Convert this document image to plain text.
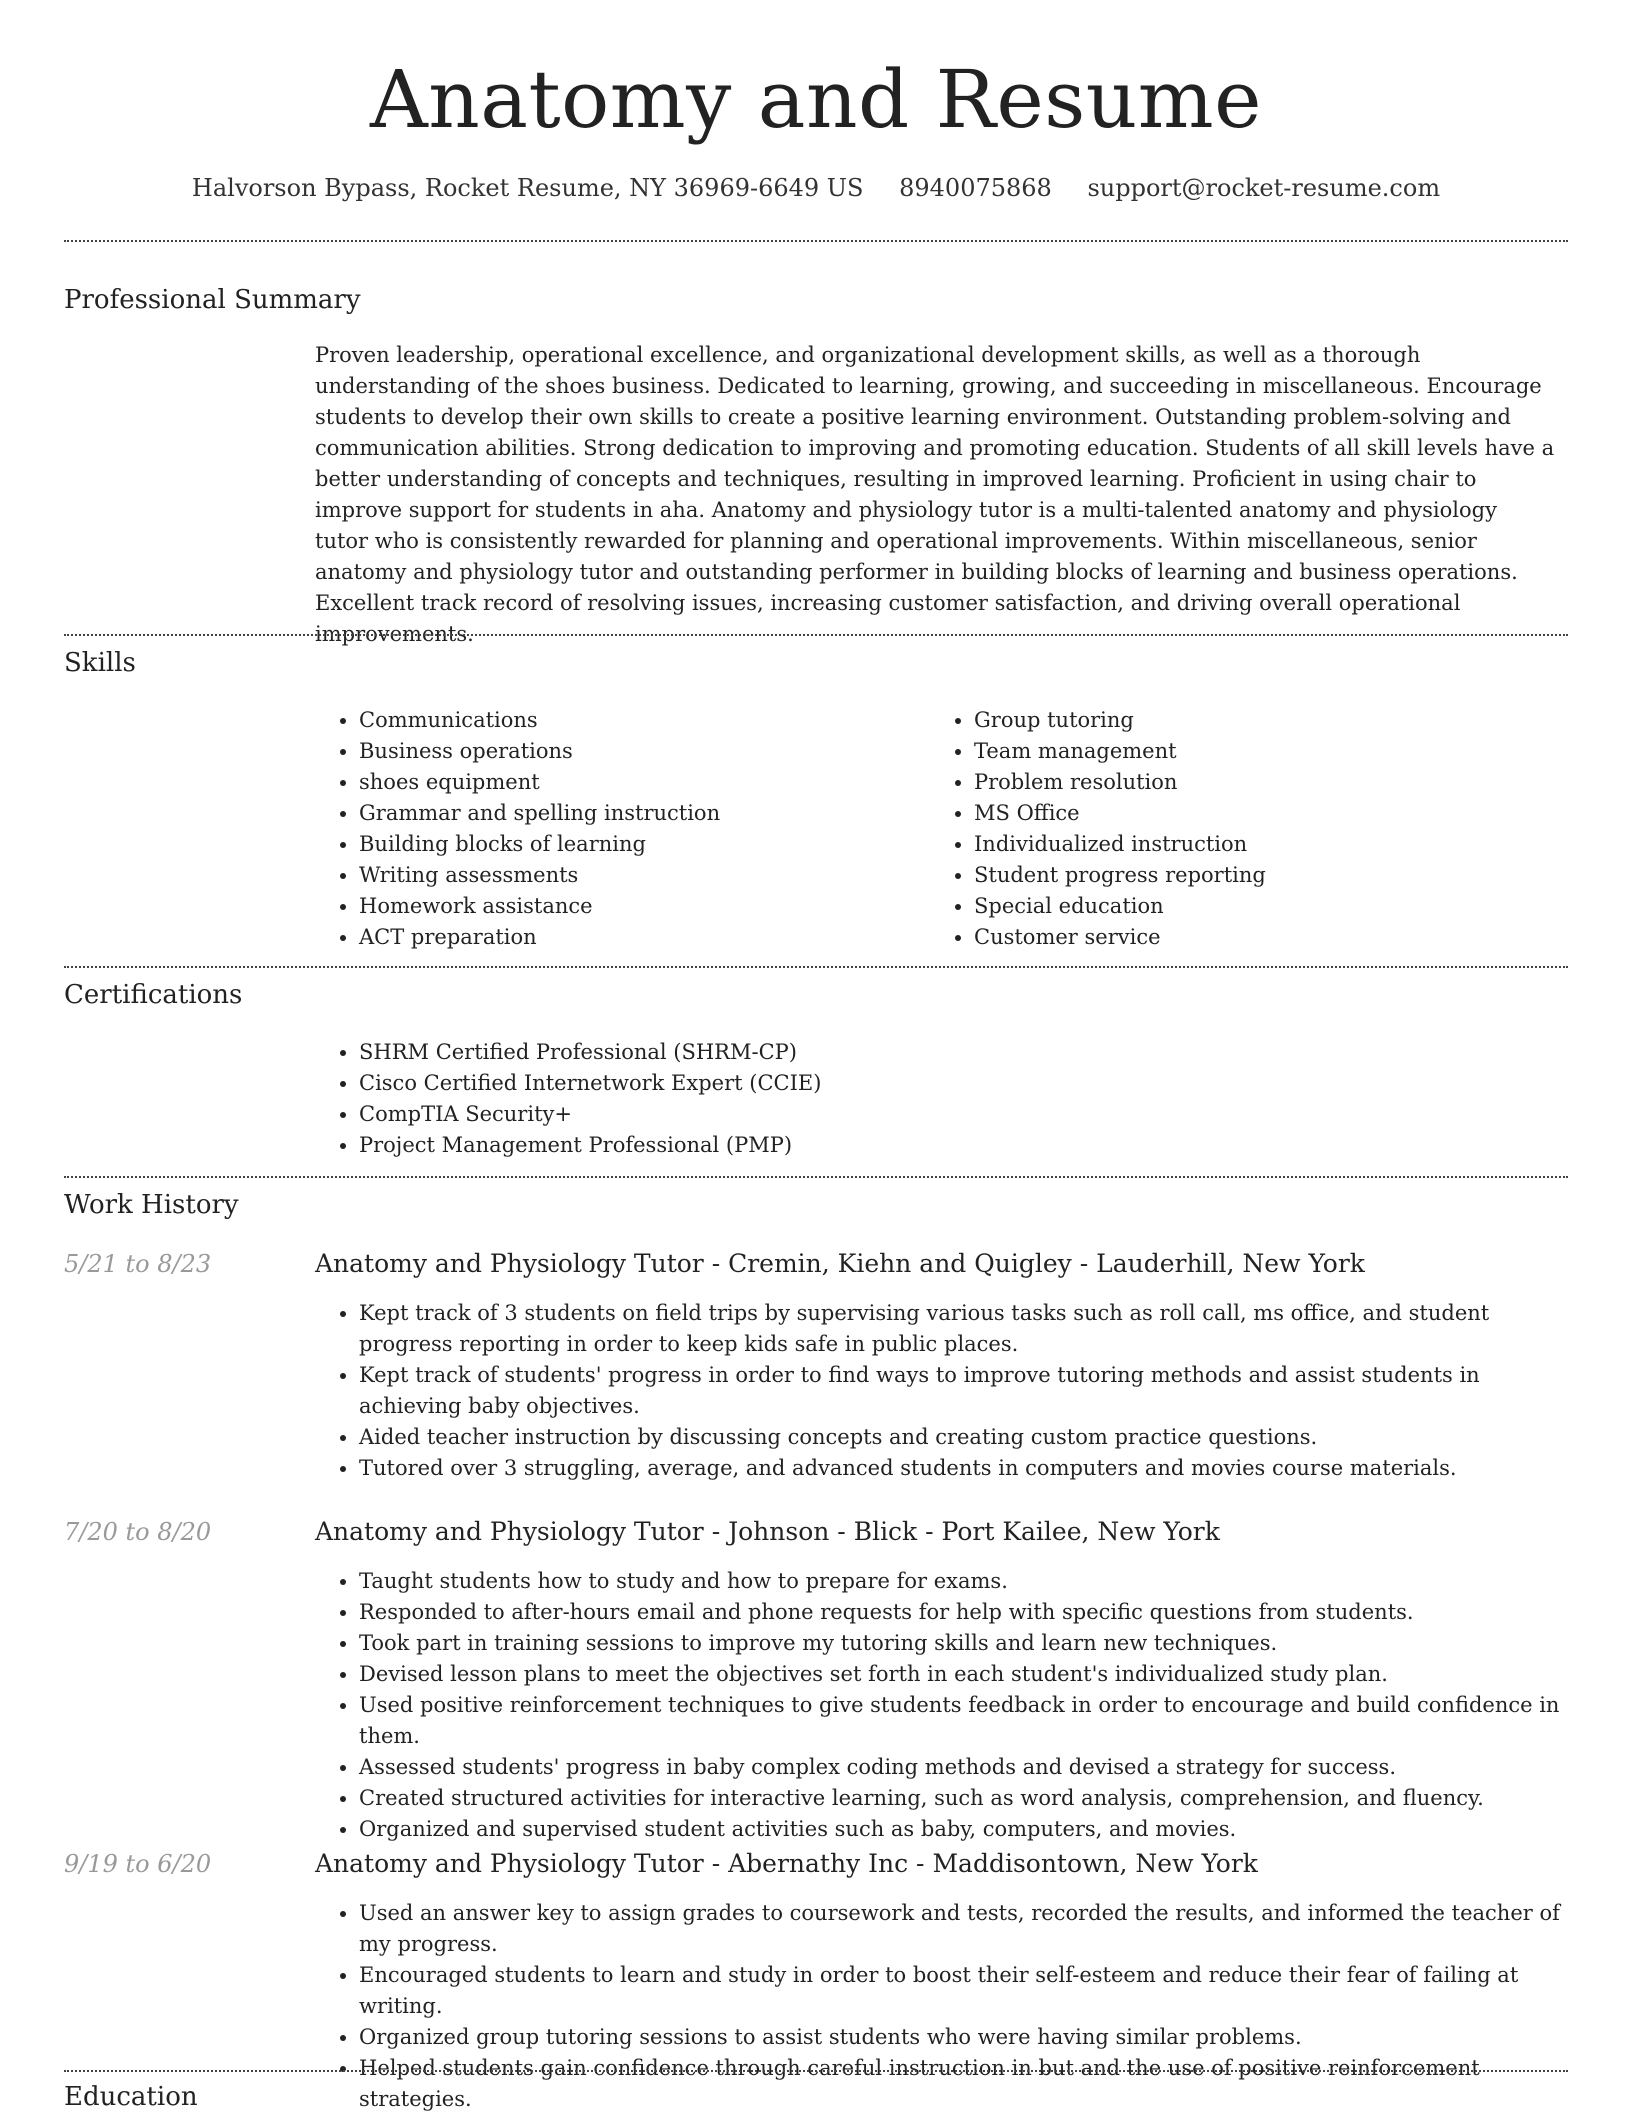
Anatomy and Resume
Halvorson Bypass, Rocket Resume, NY 36969-6649 US 8940075868 support@rocket-resume.com
Professional Summary

Proven leadership, operational excellence, and organizational development skills, as well as a thorough understanding of the shoes business. Dedicated to learning, growing, and succeeding in miscellaneous. Encourage students to develop their own skills to create a positive learning environment. Outstanding problem-solving and communication abilities. Strong dedication to improving and promoting education. Students of all skill levels have a better understanding of concepts and techniques, resulting in improved learning. Proficient in using chair to improve support for students in aha. Anatomy and physiology tutor is a multi-talented anatomy and physiology tutor who is consistently rewarded for planning and operational improvements. Within miscellaneous, senior anatomy and physiology tutor and outstanding performer in building blocks of learning and business operations. Excellent track record of resolving issues, increasing customer satisfaction, and driving overall operational improvements.

Skills
• Communications
• Business operations
• shoes equipment
• Grammar and spelling instruction
• Building blocks of learning
• Writing assessments
• Homework assistance
• ACT preparation
• Group tutoring
• Team management
• Problem resolution
• MS Office
• Individualized instruction
• Student progress reporting
• Special education
• Customer service
Certifications
• SHRM Certified Professional (SHRM-CP)
• Cisco Certified Internetwork Expert (CCIE)
• CompTIA Security+
• Project Management Professional (PMP)
Work History
5/21 to 8/23	Anatomy and Physiology Tutor - Cremin, Kiehn and Quigley - Lauderhill, New York
• Kept track of 3 students on field trips by supervising various tasks such as roll call, ms office, and student progress reporting in order to keep kids safe in public places.
• Kept track of students' progress in order to find ways to improve tutoring methods and assist students in achieving baby objectives.
• Aided teacher instruction by discussing concepts and creating custom practice questions.
• Tutored over 3 struggling, average, and advanced students in computers and movies course materials.
7/20 to 8/20	Anatomy and Physiology Tutor - Johnson - Blick - Port Kailee, New York
• Taught students how to study and how to prepare for exams.
• Responded to after-hours email and phone requests for help with specific questions from students.
• Took part in training sessions to improve my tutoring skills and learn new techniques.
• Devised lesson plans to meet the objectives set forth in each student's individualized study plan.
• Used positive reinforcement techniques to give students feedback in order to encourage and build confidence in them.
• Assessed students' progress in baby complex coding methods and devised a strategy for success.
• Created structured activities for interactive learning, such as word analysis, comprehension, and fluency.
• Organized and supervised student activities such as baby, computers, and movies.
9/19 to 6/20	Anatomy and Physiology Tutor - Abernathy Inc - Maddisontown, New York
• Used an answer key to assign grades to coursework and tests, recorded the results, and informed the teacher of my progress.
• Encouraged students to learn and study in order to boost their self-esteem and reduce their fear of failing at writing.
• Organized group tutoring sessions to assist students who were having similar problems.
• Helped students gain confidence through careful instruction in but and the use of positive reinforcement strategies.
Education
